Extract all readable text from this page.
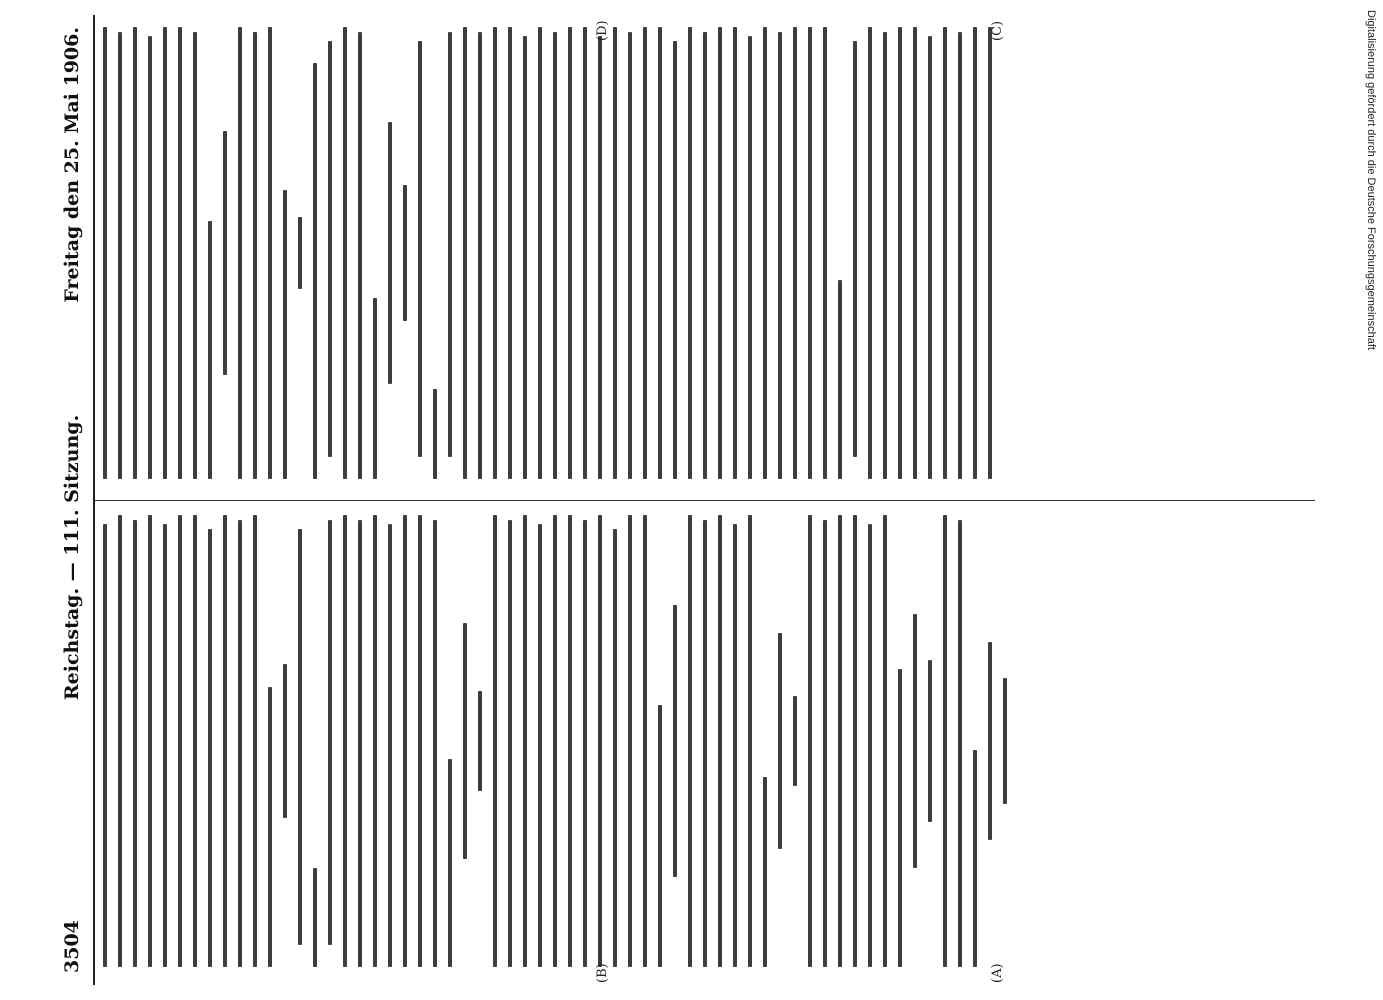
3504
Reichstag. — 111. Sitzung.
Freitag den 25. Mai 1906.
(A)
(B)
(C)
(D)	Digitalisierung gefördert durch die Deutsche Forschungsgemeinschaft
